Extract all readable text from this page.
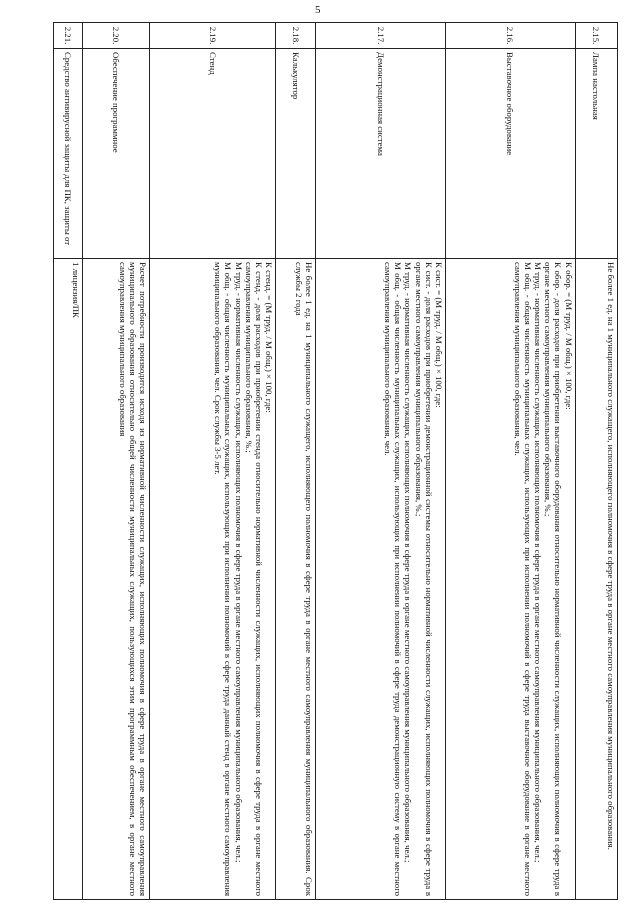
5
2.15.	Лампа настольная	Не более 1 ед. на 1 муниципального служащего, исполняющего полномочия в сфере труда в органе местного самоуправления муниципального образования.
2.16.	Выставочное оборудование	К обор. = (М труд. / М общ.) × 100, где:
К обор. - доля расходов при приобретении выставочного оборудования относительно нормативной численности служащих, исполняющих полномочия в сфере труда в органе местного самоуправления муниципального образования, %.;
М труд. - нормативная численность служащих, исполняющих полномочия в сфере труда в органе местного самоуправления муниципального образования, чел.;
М общ. - общая численность муниципальных служащих, использующих при исполнении полномочий в сфере труда выставочное оборудование в органе местного самоуправления муниципального образования, чел.

2.17.	Демонстрационная система	К сист. = (М труд. / М общ.) × 100, где:
К сист. - доля расходов при приобретении демонстрационной системы относительно нормативной численности служащих, исполняющих полномочия в сфере труда в органе местного самоуправления муниципального образования, %.;
М труд. - нормативная численность служащих, исполняющих полномочия в сфере труда в органе местного самоуправления муниципального образования, чел.;
М общ. - общая численность муниципальных служащих, использующих при исполнении полномочий в сфере труда демонстрационную систему в органе местного самоуправления муниципального образования, чел.

2.18.	Калькулятор	Не более 1 ед. на 1 муниципального служащего, исполняющего полномочия в сфере труда в органе местного самоуправления муниципального образования. Срок службы 2 года
2.19.	Стенд	К стенд. = (М труд. / М общ.) × 100, где:
К стенд. - доля расходов при приобретении стенда относительно нормативной численности служащих, исполняющих полномочия в сфере труда в органе местного самоуправления муниципального образования, %.;
М труд. - нормативная численность служащих, исполняющих полномочия в сфере труда в органе местного самоуправления муниципального образования, чел.;
М общ. - общая численность муниципальных служащих, использующих при исполнении полномочий в сфере труда данный стенд в органе местного самоуправления муниципального образования, чел. Срок службы 3-5 лет.

2.20.	Обеспечение программное	Расчет потребности производится исходя из нормативной численности служащих, исполняющих полномочия в сфере труда в органе местного самоуправления муниципального образования относительно общей численности муниципальных служащих, пользующихся этим программным обеспечением, в органе местного самоуправления муниципального образования
2.21.	Средство антивирусной защиты для ПК, защиты от	1 лицензия/ПК
